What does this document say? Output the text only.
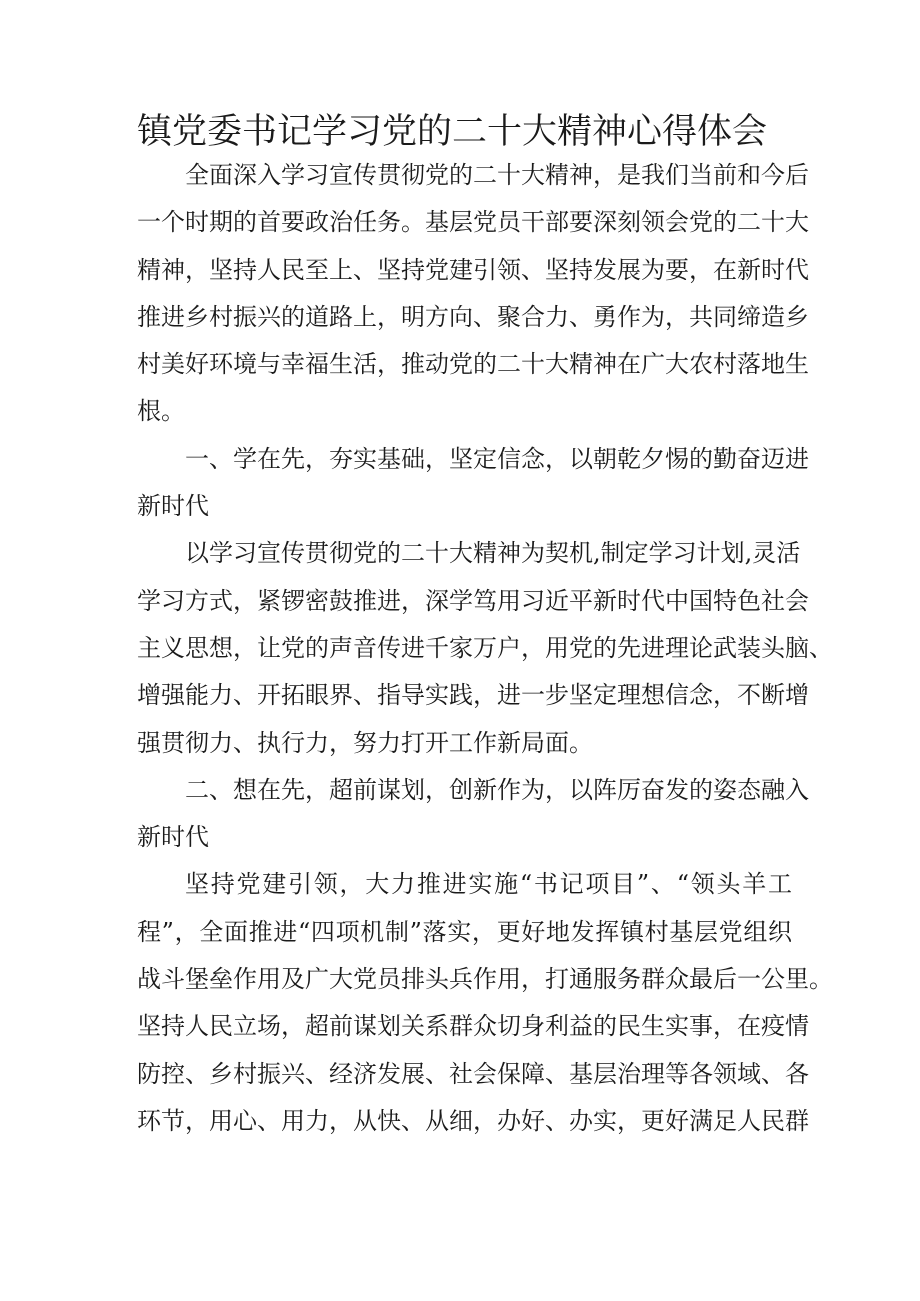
镇党委书记学习党的二十大精神心得体会

全面深入学习宣传贯彻党的二十大精神，是我们当前和今后
一个时期的首要政治任务。基层党员干部要深刻领会党的二十大
精神，坚持人民至上、坚持党建引领、坚持发展为要，在新时代
推进乡村振兴的道路上，明方向、聚合力、勇作为，共同缔造乡
村美好环境与幸福生活，推动党的二十大精神在广大农村落地生
根。

一、学在先，夯实基础，坚定信念，以朝乾夕惕的勤奋迈进
新时代

以学习宣传贯彻党的二十大精神为契机,制定学习计划,灵活
学习方式，紧锣密鼓推进，深学笃用习近平新时代中国特色社会
主义思想，让党的声音传进千家万户，用党的先进理论武装头脑、
增强能力、开拓眼界、指导实践，进一步坚定理想信念，不断增
强贯彻力、执行力，努力打开工作新局面。

二、想在先，超前谋划，创新作为，以阵厉奋发的姿态融入
新时代

坚持党建引领，大力推进实施“书记项目”、“领头羊工
程”，全面推进“四项机制”落实，更好地发挥镇村基层党组织
战斗堡垒作用及广大党员排头兵作用，打通服务群众最后一公里。
坚持人民立场，超前谋划关系群众切身利益的民生实事，在疫情
防控、乡村振兴、经济发展、社会保障、基层治理等各领域、各
环节，用心、用力，从快、从细，办好、办实，更好满足人民群
